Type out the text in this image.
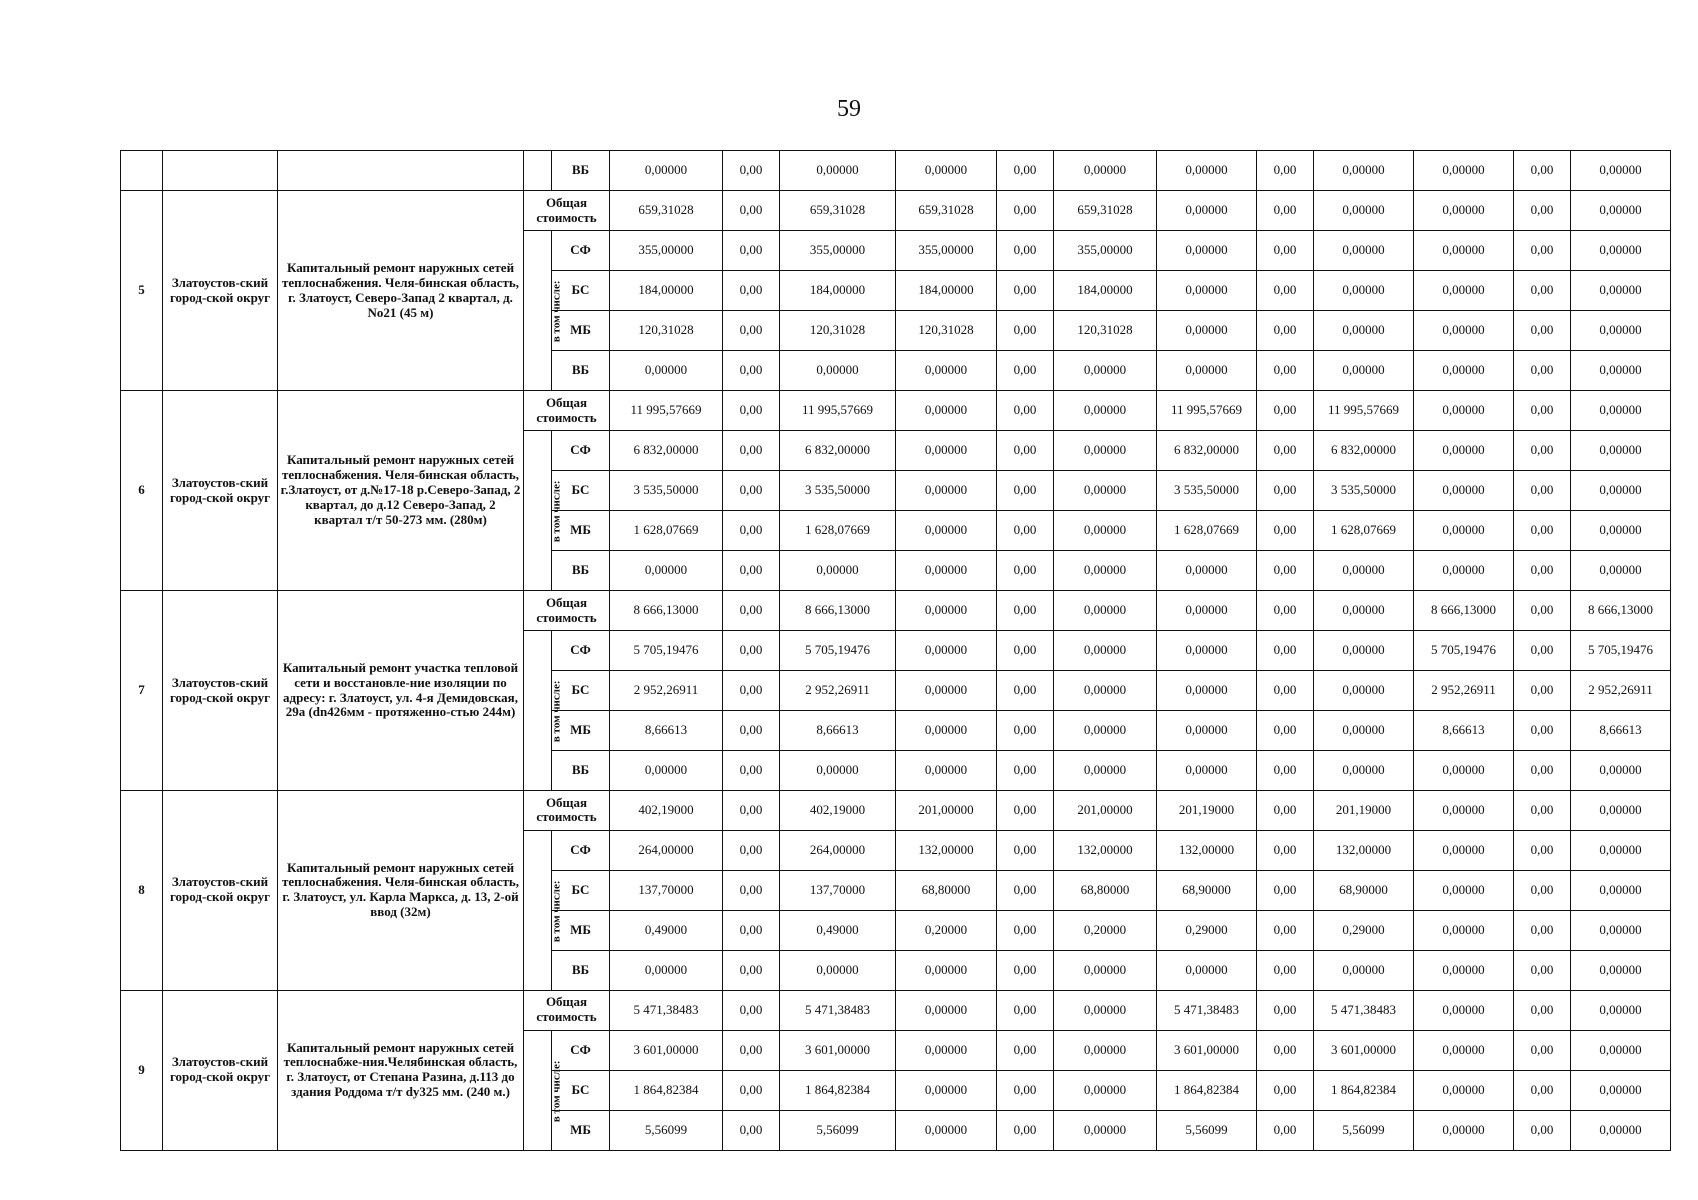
59
				ВБ	0,00000	0,00	0,00000	0,00000	0,00	0,00000	0,00000	0,00	0,00000	0,00000	0,00	0,00000
5	Златоустов-ский город-ской округ	Капитальный ремонт наружных сетей теплоснабжения. Челя-бинская область, г. Златоуст, Северо-Запад 2 квартал, д. No21 (45 м)	Общая стоимость		659,31028	0,00	659,31028	659,31028	0,00	659,31028	0,00000	0,00	0,00000	0,00000	0,00	0,00000
			в том числе:	СФ	355,00000	0,00	355,00000	355,00000	0,00	355,00000	0,00000	0,00	0,00000	0,00000	0,00	0,00000
				БС	184,00000	0,00	184,00000	184,00000	0,00	184,00000	0,00000	0,00	0,00000	0,00000	0,00	0,00000
				МБ	120,31028	0,00	120,31028	120,31028	0,00	120,31028	0,00000	0,00	0,00000	0,00000	0,00	0,00000
				ВБ	0,00000	0,00	0,00000	0,00000	0,00	0,00000	0,00000	0,00	0,00000	0,00000	0,00	0,00000
6	Златоустов-ский город-ской округ	Капитальный ремонт наружных сетей теплоснабжения. Челя-бинская область, г.Златоуст, от д.№17-18 р.Северо-Запад, 2 квартал, до д.12 Северо-Запад, 2 квартал т/т 50-273 мм. (280м)	Общая стоимость		11 995,57669	0,00	11 995,57669	0,00000	0,00	0,00000	11 995,57669	0,00	11 995,57669	0,00000	0,00	0,00000
			в том числе:	СФ	6 832,00000	0,00	6 832,00000	0,00000	0,00	0,00000	6 832,00000	0,00	6 832,00000	0,00000	0,00	0,00000
				БС	3 535,50000	0,00	3 535,50000	0,00000	0,00	0,00000	3 535,50000	0,00	3 535,50000	0,00000	0,00	0,00000
				МБ	1 628,07669	0,00	1 628,07669	0,00000	0,00	0,00000	1 628,07669	0,00	1 628,07669	0,00000	0,00	0,00000
				ВБ	0,00000	0,00	0,00000	0,00000	0,00	0,00000	0,00000	0,00	0,00000	0,00000	0,00	0,00000
7	Златоустов-ский город-ской округ	Капитальный ремонт участка тепловой сети и восстановле-ние изоляции по адресу: г. Златоуст, ул. 4-я Демидовская, 29а (dn426мм - протяженно-стью 244м)	Общая стоимость		8 666,13000	0,00	8 666,13000	0,00000	0,00	0,00000	0,00000	0,00	0,00000	8 666,13000	0,00	8 666,13000
			в том числе:	СФ	5 705,19476	0,00	5 705,19476	0,00000	0,00	0,00000	0,00000	0,00	0,00000	5 705,19476	0,00	5 705,19476
				БС	2 952,26911	0,00	2 952,26911	0,00000	0,00	0,00000	0,00000	0,00	0,00000	2 952,26911	0,00	2 952,26911
				МБ	8,66613	0,00	8,66613	0,00000	0,00	0,00000	0,00000	0,00	0,00000	8,66613	0,00	8,66613
				ВБ	0,00000	0,00	0,00000	0,00000	0,00	0,00000	0,00000	0,00	0,00000	0,00000	0,00	0,00000
8	Златоустов-ский город-ской округ	Капитальный ремонт наружных сетей теплоснабжения. Челя-бинская область, г. Златоуст, ул. Карла Маркса, д. 13, 2-ой ввод (32м)	Общая стоимость		402,19000	0,00	402,19000	201,00000	0,00	201,00000	201,19000	0,00	201,19000	0,00000	0,00	0,00000
			в том числе:	СФ	264,00000	0,00	264,00000	132,00000	0,00	132,00000	132,00000	0,00	132,00000	0,00000	0,00	0,00000
				БС	137,70000	0,00	137,70000	68,80000	0,00	68,80000	68,90000	0,00	68,90000	0,00000	0,00	0,00000
				МБ	0,49000	0,00	0,49000	0,20000	0,00	0,20000	0,29000	0,00	0,29000	0,00000	0,00	0,00000
				ВБ	0,00000	0,00	0,00000	0,00000	0,00	0,00000	0,00000	0,00	0,00000	0,00000	0,00	0,00000
9	Златоустов-ский город-ской округ	Капитальный ремонт наружных сетей теплоснабже-ния.Челябинская область, г. Златоуст, от Степана Разина, д.113 до здания Роддома т/т dy325 мм. (240 м.)	Общая стоимость		5 471,38483	0,00	5 471,38483	0,00000	0,00	0,00000	5 471,38483	0,00	5 471,38483	0,00000	0,00	0,00000
			в том числе:	СФ	3 601,00000	0,00	3 601,00000	0,00000	0,00	0,00000	3 601,00000	0,00	3 601,00000	0,00000	0,00	0,00000
				БС	1 864,82384	0,00	1 864,82384	0,00000	0,00	0,00000	1 864,82384	0,00	1 864,82384	0,00000	0,00	0,00000
				МБ	5,56099	0,00	5,56099	0,00000	0,00	0,00000	5,56099	0,00	5,56099	0,00000	0,00	0,00000
